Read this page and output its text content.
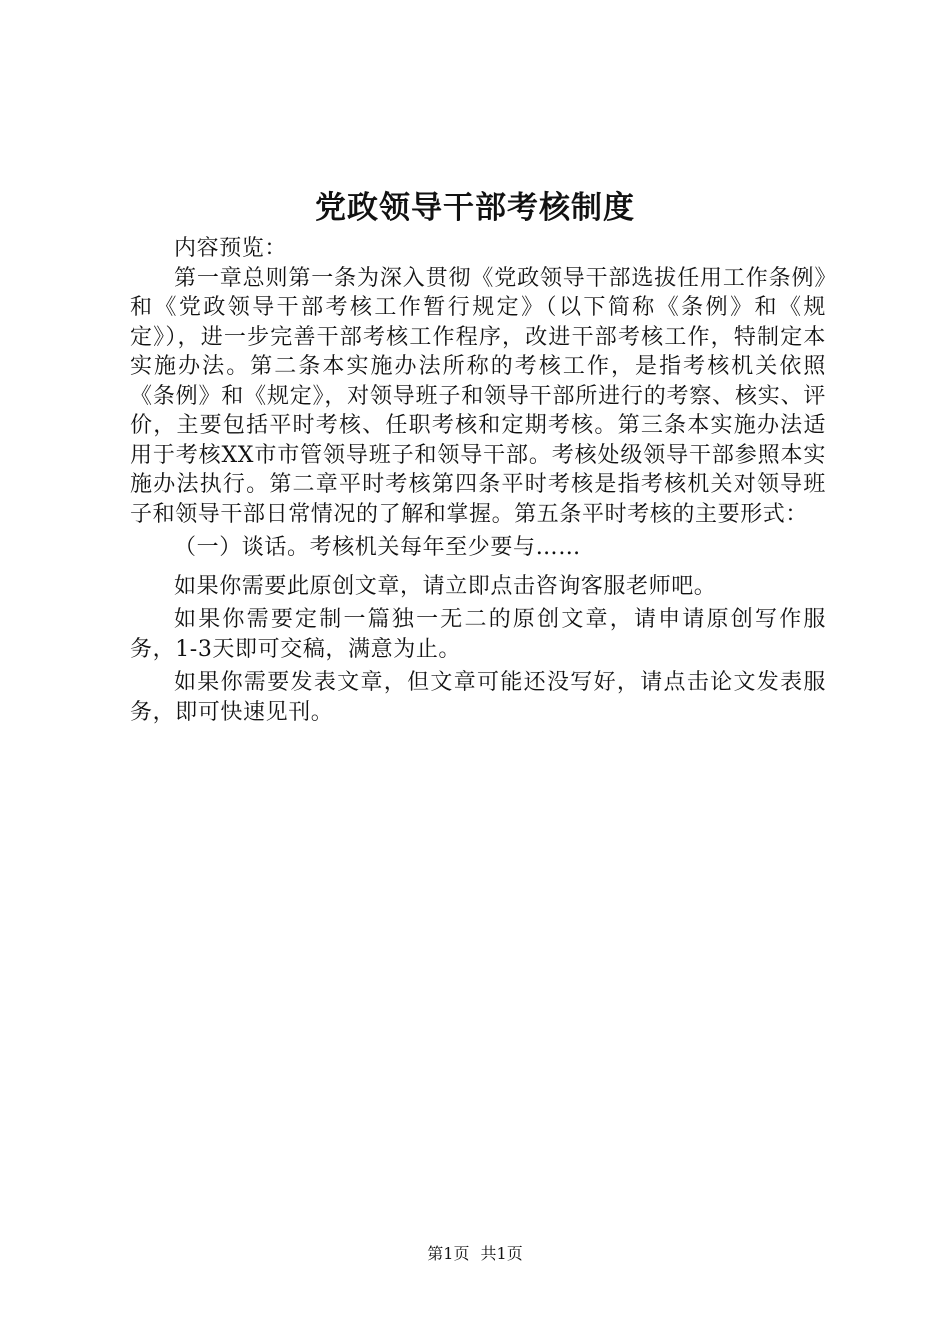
党政领导干部考核制度

内容预览：

第一章总则第一条为深入贯彻《党政领导干部选拔任用工作条例》和《党政领导干部考核工作暂行规定》（以下简称《条例》和《规定》），进一步完善干部考核工作程序，改进干部考核工作，特制定本实施办法。第二条本实施办法所称的考核工作，是指考核机关依照《条例》和《规定》，对领导班子和领导干部所进行的考察、核实、评价，主要包括平时考核、任职考核和定期考核。第三条本实施办法适用于考核XX市市管领导班子和领导干部。考核处级领导干部参照本实施办法执行。第二章平时考核第四条平时考核是指考核机关对领导班子和领导干部日常情况的了解和掌握。第五条平时考核的主要形式：

（一）谈话。考核机关每年至少要与……

如果你需要此原创文章，请立即点击咨询客服老师吧。

如果你需要定制一篇独一无二的原创文章，请申请原创写作服务，1-3天即可交稿，满意为止。

如果你需要发表文章，但文章可能还没写好，请点击论文发表服务，即可快速见刊。

第1页 共1页
